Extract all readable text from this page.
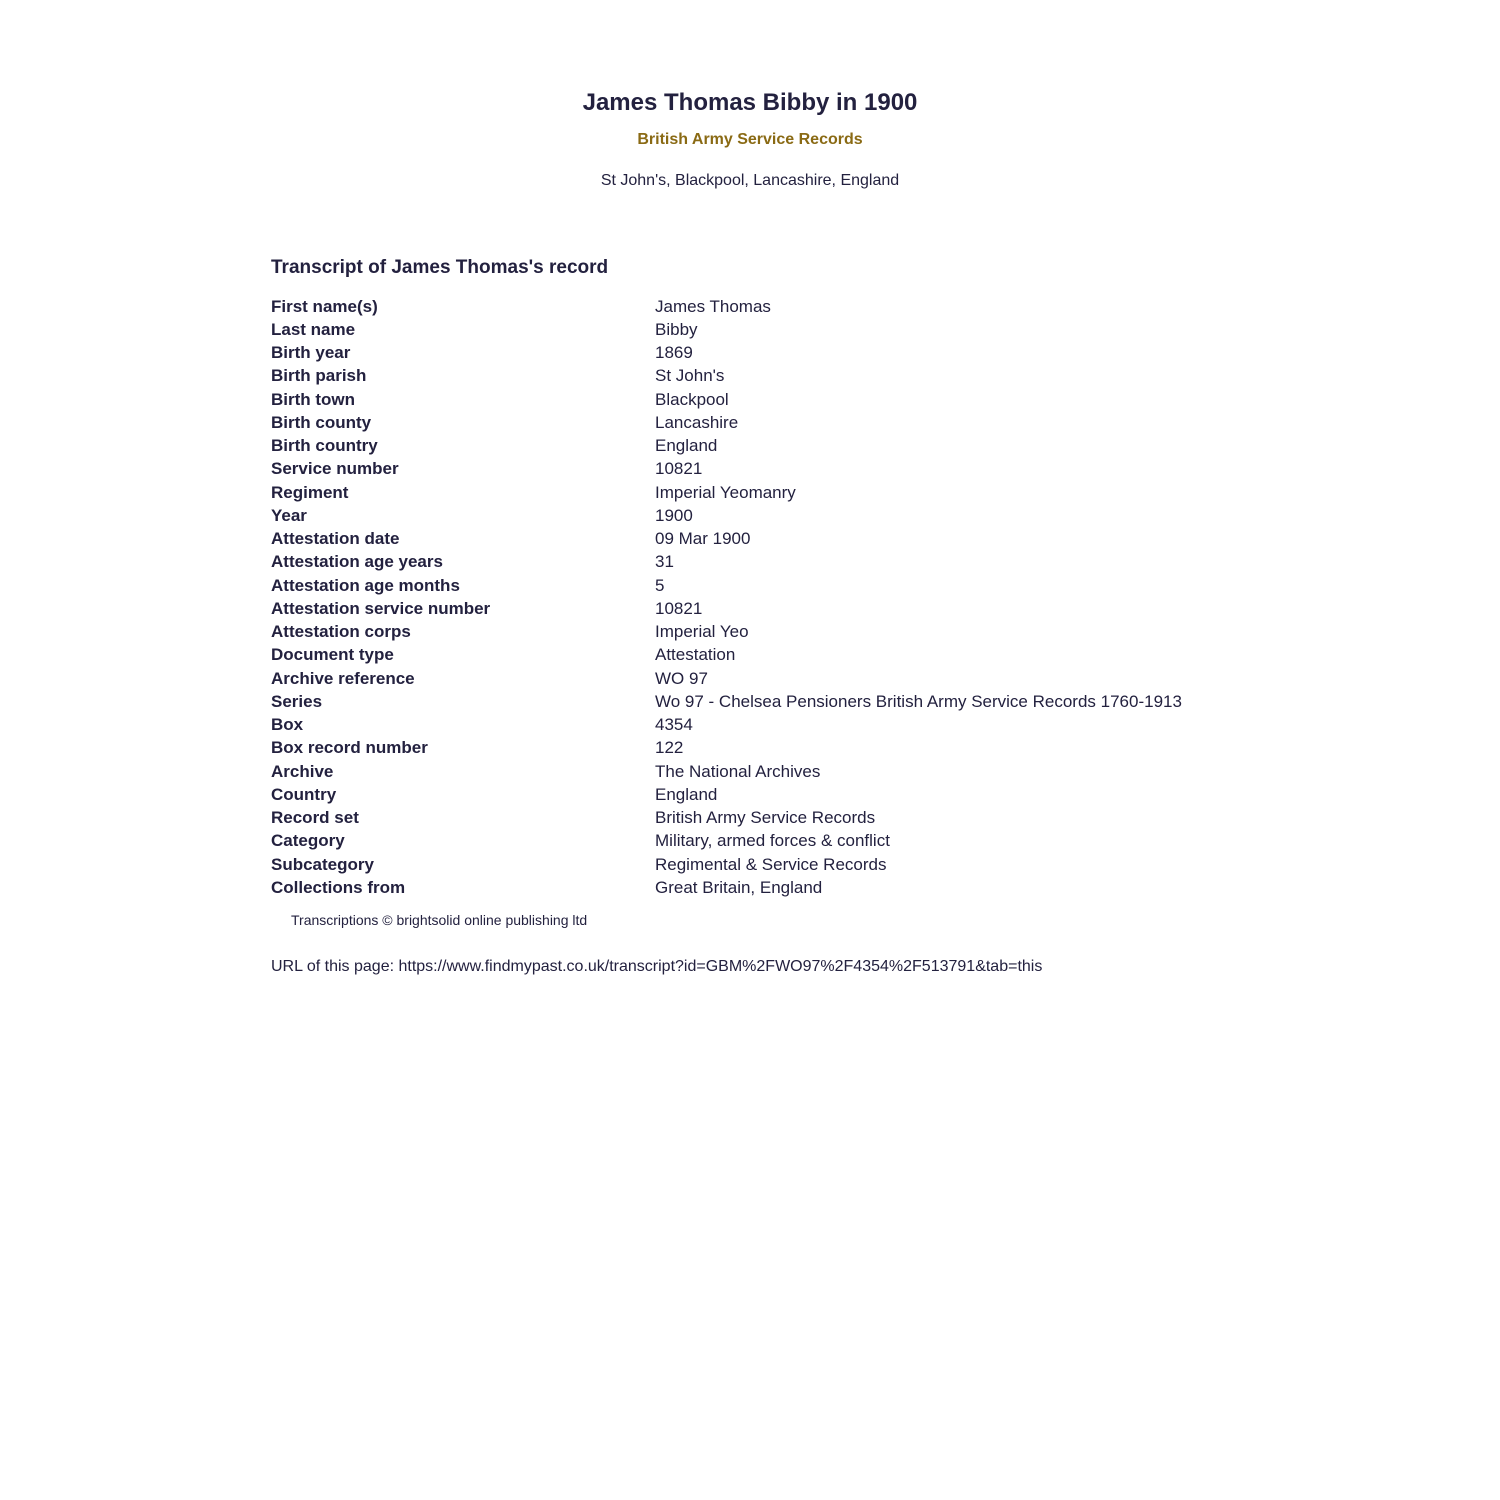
James Thomas Bibby in 1900
British Army Service Records
St John's, Blackpool, Lancashire, England
Transcript of James Thomas's record
First name(s)	James Thomas
Last name	Bibby
Birth year	1869
Birth parish	St John's
Birth town	Blackpool
Birth county	Lancashire
Birth country	England
Service number	10821
Regiment	Imperial Yeomanry
Year	1900
Attestation date	09 Mar 1900
Attestation age years	31
Attestation age months	5
Attestation service number	10821
Attestation corps	Imperial Yeo
Document type	Attestation
Archive reference	WO 97
Series	Wo 97 - Chelsea Pensioners British Army Service Records 1760-1913
Box	4354
Box record number	122
Archive	The National Archives
Country	England
Record set	British Army Service Records
Category	Military, armed forces & conflict
Subcategory	Regimental & Service Records
Collections from	Great Britain, England
Transcriptions © brightsolid online publishing ltd
URL of this page: https://www.findmypast.co.uk/transcript?id=GBM%2FWO97%2F4354%2F513791&tab=this
